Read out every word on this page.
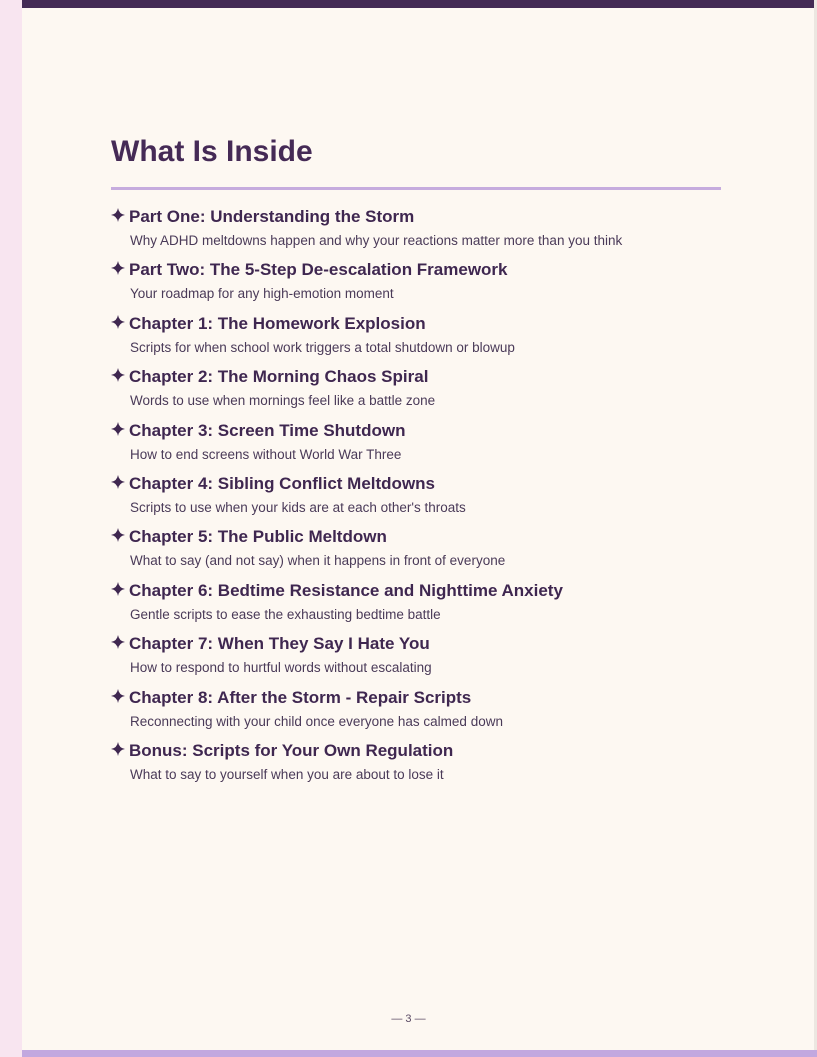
What Is Inside
Part One: Understanding the Storm
Why ADHD meltdowns happen and why your reactions matter more than you think
Part Two: The 5-Step De-escalation Framework
Your roadmap for any high-emotion moment
Chapter 1: The Homework Explosion
Scripts for when school work triggers a total shutdown or blowup
Chapter 2: The Morning Chaos Spiral
Words to use when mornings feel like a battle zone
Chapter 3: Screen Time Shutdown
How to end screens without World War Three
Chapter 4: Sibling Conflict Meltdowns
Scripts to use when your kids are at each other's throats
Chapter 5: The Public Meltdown
What to say (and not say) when it happens in front of everyone
Chapter 6: Bedtime Resistance and Nighttime Anxiety
Gentle scripts to ease the exhausting bedtime battle
Chapter 7: When They Say I Hate You
How to respond to hurtful words without escalating
Chapter 8: After the Storm - Repair Scripts
Reconnecting with your child once everyone has calmed down
Bonus: Scripts for Your Own Regulation
What to say to yourself when you are about to lose it
— 3 —
